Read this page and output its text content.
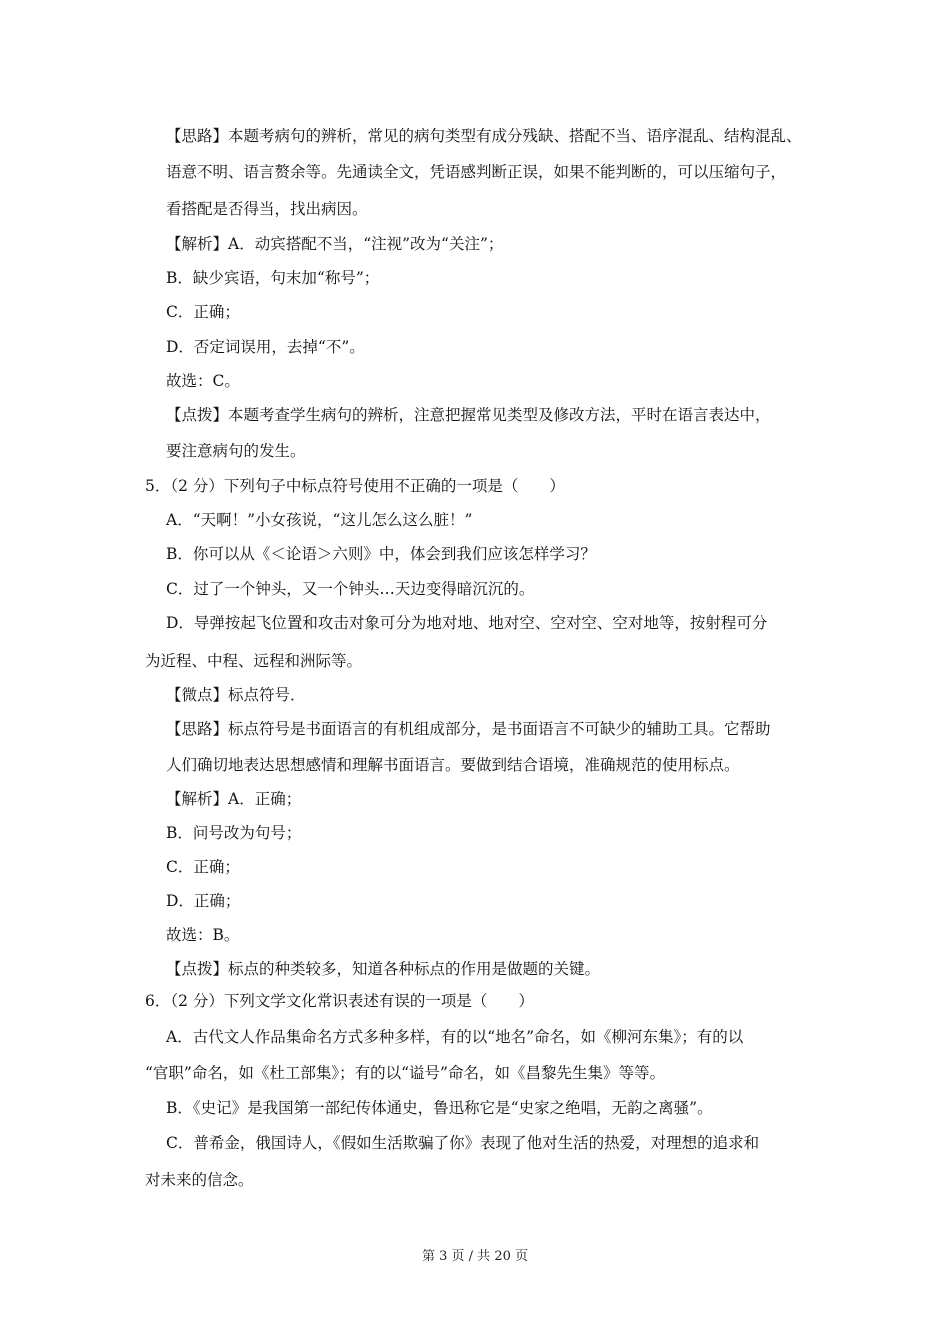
【思路】本题考病句的辨析，常见的病句类型有成分残缺、搭配不当、语序混乱、结构混乱、
语意不明、语言赘余等。先通读全文，凭语感判断正误，如果不能判断的，可以压缩句子，
看搭配是否得当，找出病因。
【解析】A．动宾搭配不当，“注视”改为“关注”；
B．缺少宾语，句末加“称号”；
C．正确；
D．否定词误用，去掉“不”。
故选：C。
【点拨】本题考查学生病句的辨析，注意把握常见类型及修改方法，平时在语言表达中，
要注意病句的发生。
5．（2 分）下列句子中标点符号使用不正确的一项是（　　）
A．“天啊！”小女孩说，“这儿怎么这么脏！”
B．你可以从《＜论语＞六则》中，体会到我们应该怎样学习？
C．过了一个钟头，又一个钟头…天边变得暗沉沉的。
D．导弹按起飞位置和攻击对象可分为地对地、地对空、空对空、空对地等，按射程可分
为近程、中程、远程和洲际等。
【微点】标点符号．
【思路】标点符号是书面语言的有机组成部分，是书面语言不可缺少的辅助工具。它帮助
人们确切地表达思想感情和理解书面语言。要做到结合语境，准确规范的使用标点。
【解析】A．正确；
B．问号改为句号；
C．正确；
D．正确；
故选：B。
【点拨】标点的种类较多，知道各种标点的作用是做题的关键。
6．（2 分）下列文学文化常识表述有误的一项是（　　）
A．古代文人作品集命名方式多种多样，有的以“地名”命名，如《柳河东集》；有的以
“官职”命名，如《杜工部集》；有的以“谥号”命名，如《昌黎先生集》等等。
B．《史记》是我国第一部纪传体通史，鲁迅称它是“史家之绝唱，无韵之离骚”。
C．普希金，俄国诗人，《假如生活欺骗了你》表现了他对生活的热爱，对理想的追求和
对未来的信念。
第 3 页 / 共 20 页
